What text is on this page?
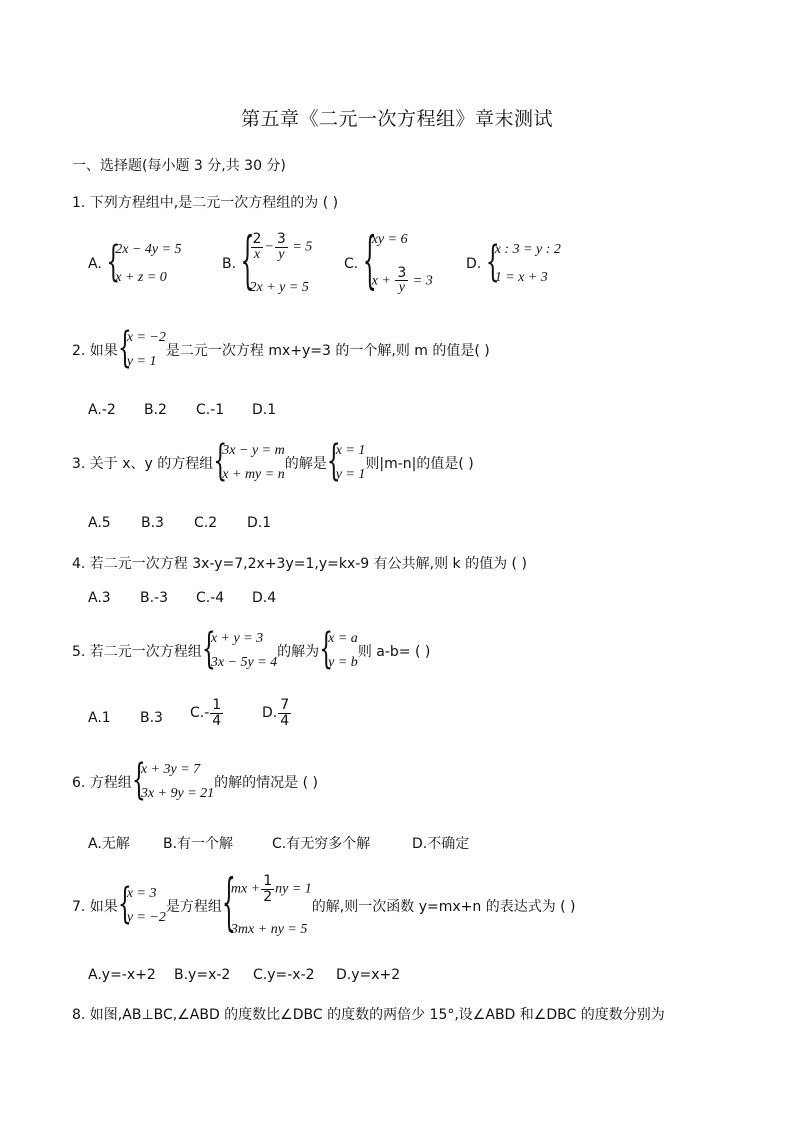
第五章《二元一次方程组》章末测试
一、选择题(每小题 3 分,共 30 分)
1. 下列方程组中,是二元一次方程组的为 ( )
A. {
2x − 4y = 5
x + z = 0
B. {
$\frac{2}{x} - \frac{3}{y} = 5$
2x + y = 5
C. {
xy = 6
$x + \frac{3}{y} = 3$
D. {
x : 3 = y : 2
1 = x + 3
2. 如果 {
x = −2
y = 1
是二元一次方程 mx+y=3 的一个解,则 m 的值是( )
A.-2 B.2 C.-1 D.1
3. 关于 x、y 的方程组 {
3x − y = m
x + my = n
的解是 {
x = 1
y = 1
则|m-n|的值是( )
A.5 B.3 C.2 D.1
4. 若二元一次方程 3x-y=7,2x+3y=1,y=kx-9 有公共解,则 k 的值为 ( )
A.3 B.-3 C.-4 D.4
5. 若二元一次方程组 {
x + y = 3
3x − 5y = 4
的解为 {
x = a
y = b
则 a-b= ( )
A.1 B.3 $C.- \frac{1}{4}$	D. $\frac{7}{4}$
6. 方程组 {
x + 3y = 7
3x + 9y = 21
的解的情况是 ( )
A.无解 B.有一个解	C.有无穷多个解	D.不确定
7. 如果 {
x = 3
y = −2
是方程组 {
mx + $\frac{1}{2}$ ny = 1
3mx + ny = 5
的解,则一次函数 y=mx+n 的表达式为 ( )
A.y=-x+2 B.y=x-2 C.y=-x-2 D.y=x+2
8. 如图,AB⊥BC,∠ABD 的度数比∠DBC 的度数的两倍少 15°,设∠ABD 和∠DBC 的度数分别为
